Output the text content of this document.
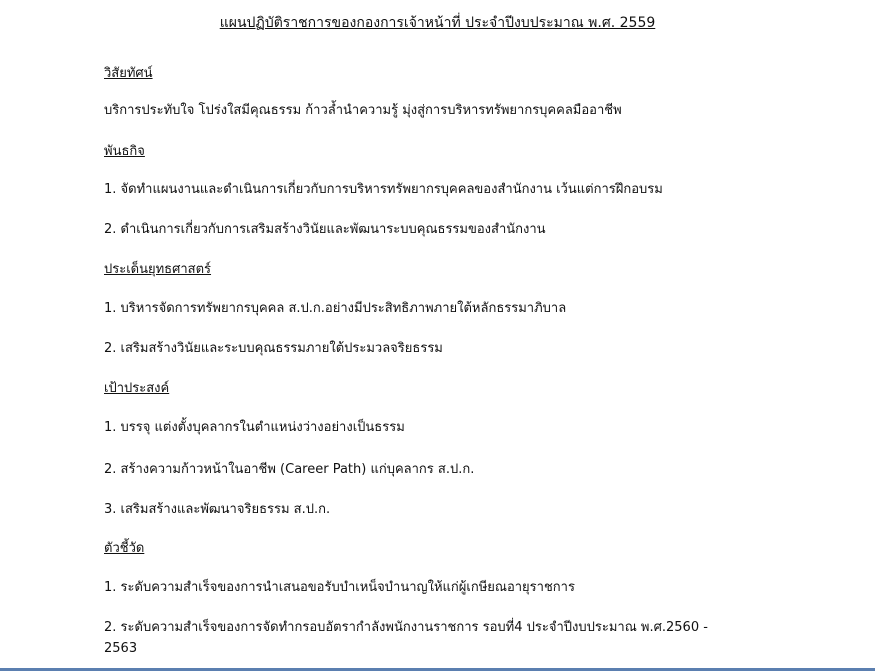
แผนปฏิบัติราชการของกองการเจ้าหน้าที่ ประจำปีงบประมาณ พ.ศ. 2559
วิสัยทัศน์
บริการประทับใจ โปร่งใสมีคุณธรรม ก้าวล้ำนำความรู้ มุ่งสู่การบริหารทรัพยากรบุคคลมืออาชีพ
พันธกิจ
1. จัดทำแผนงานและดำเนินการเกี่ยวกับการบริหารทรัพยากรบุคคลของสำนักงาน เว้นแต่การฝึกอบรม
2. ดำเนินการเกี่ยวกับการเสริมสร้างวินัยและพัฒนาระบบคุณธรรมของสำนักงาน
ประเด็นยุทธศาสตร์
1. บริหารจัดการทรัพยากรบุคคล ส.ป.ก.อย่างมีประสิทธิภาพภายใต้หลักธรรมาภิบาล
2. เสริมสร้างวินัยและระบบคุณธรรมภายใต้ประมวลจริยธรรม
เป้าประสงค์
1. บรรจุ แต่งตั้งบุคลากรในตำแหน่งว่างอย่างเป็นธรรม
2. สร้างความก้าวหน้าในอาชีพ (Career Path) แก่บุคลากร ส.ป.ก.
3. เสริมสร้างและพัฒนาจริยธรรม ส.ป.ก.
ตัวชี้วัด
1. ระดับความสำเร็จของการนำเสนอขอรับบำเหน็จบำนาญให้แก่ผู้เกษียณอายุราชการ
2. ระดับความสำเร็จของการจัดทำกรอบอัตรากำลังพนักงานราชการ รอบที่4 ประจำปีงบประมาณ พ.ศ.2560 -
2563
